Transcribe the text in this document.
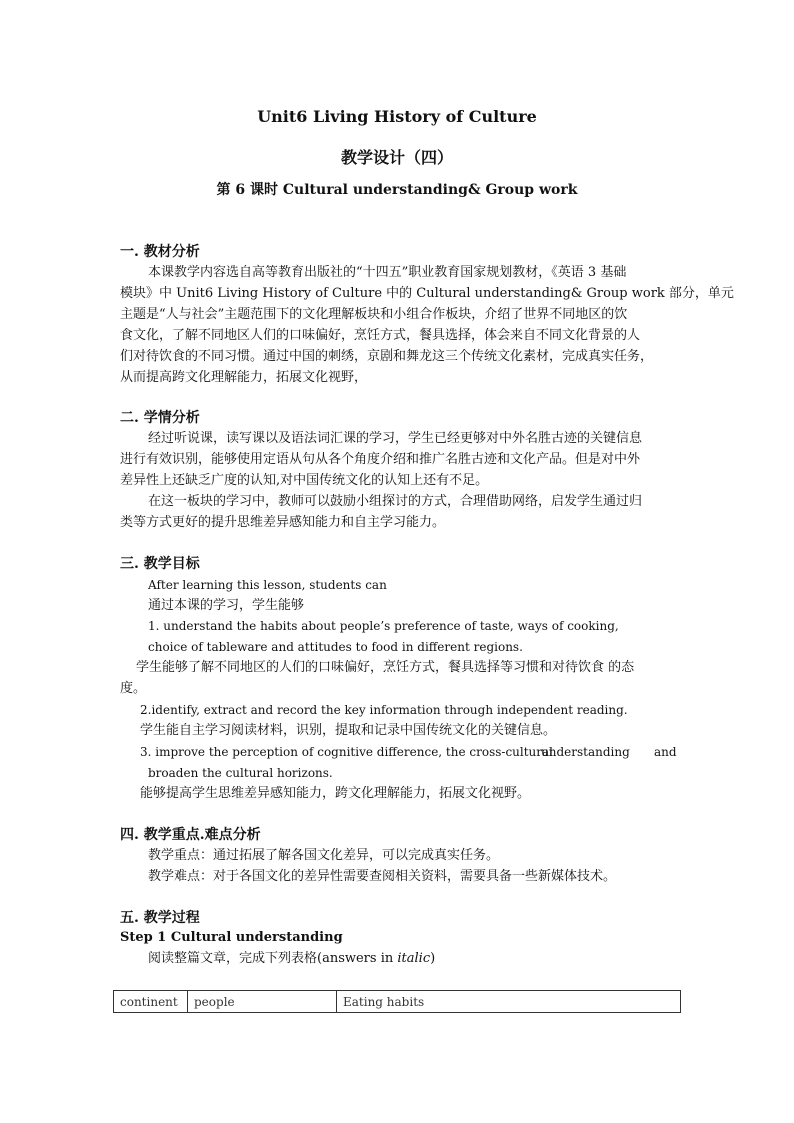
Unit6 Living History of Culture
教学设计（四）
第 6 课时 Cultural understanding& Group work
一. 教材分析
本课教学内容选自高等教育出版社的“十四五”职业教育国家规划教材，《英语 3 基础
模块》中 Unit6 Living History of Culture 中的 Cultural understanding& Group work 部分，单元
主题是“人与社会”主题范围下的文化理解板块和小组合作板块，介绍了世界不同地区的饮
食文化，了解不同地区人们的口味偏好，烹饪方式，餐具选择，体会来自不同文化背景的人
们对待饮食的不同习惯。通过中国的刺绣，京剧和舞龙这三个传统文化素材，完成真实任务，
从而提高跨文化理解能力，拓展文化视野，
二. 学情分析
经过听说课，读写课以及语法词汇课的学习，学生已经更够对中外名胜古迹的关键信息
进行有效识别，能够使用定语从句从各个角度介绍和推广名胜古迹和文化产品。但是对中外
差异性上还缺乏广度的认知,对中国传统文化的认知上还有不足。
在这一板块的学习中，教师可以鼓励小组探讨的方式，合理借助网络，启发学生通过归
类等方式更好的提升思维差异感知能力和自主学习能力。
三. 教学目标
After learning this lesson, students can
通过本课的学习，学生能够
1. understand the habits about people’s preference of taste, ways of cooking,
choice of tableware and attitudes to food in different regions.
学生能够了解不同地区的人们的口味偏好，烹饪方式，餐具选择等习惯和对待饮食 的态
度。
2.identify, extract and record the key information through independent reading.
学生能自主学习阅读材料，识别，提取和记录中国传统文化的关键信息。
3. improve the perception of cognitive difference, the cross-cultural
understanding and
broaden the cultural horizons.
能够提高学生思维差异感知能力，跨文化理解能力，拓展文化视野。
四. 教学重点.难点分析
教学重点：通过拓展了解各国文化差异，可以完成真实任务。
教学难点：对于各国文化的差异性需要查阅相关资料，需要具备一些新媒体技术。
五. 教学过程
Step 1 Cultural understanding
阅读整篇文章，完成下列表格(answers in italic)
continent	people	Eating habits
